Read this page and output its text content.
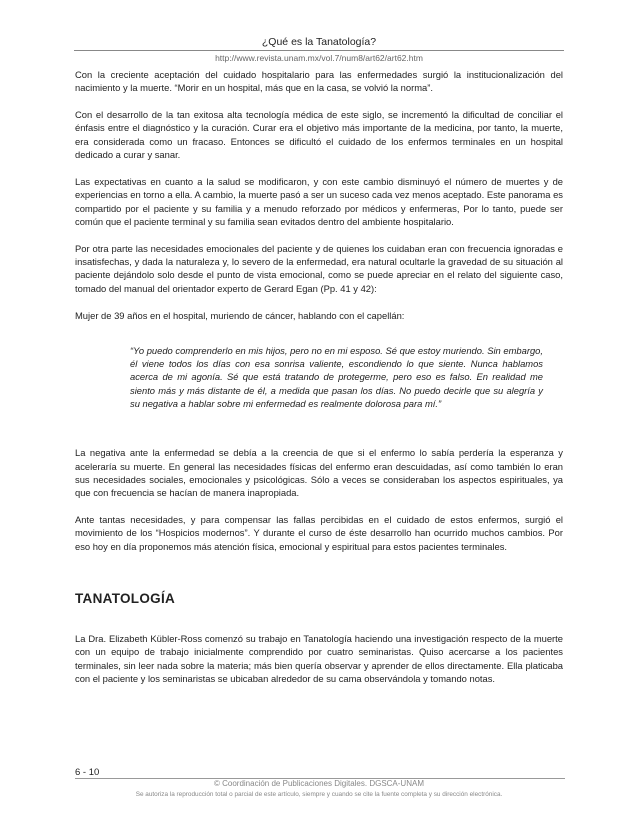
¿Qué es la Tanatología?
http://www.revista.unam.mx/vol.7/num8/art62/art62.htm

Con la creciente aceptación del cuidado hospitalario para las enfermedades surgió la institucionalización del nacimiento y la muerte. “Morir en un hospital, más que en la casa, se volvió la norma”.

Con el desarrollo de la tan exitosa alta tecnología médica de este siglo, se incrementó la dificultad de conciliar el énfasis entre el diagnóstico y la curación. Curar era el objetivo más importante de la medicina, por tanto, la muerte, era considerada como un fracaso. Entonces se dificultó el cuidado de los enfermos terminales en un hospital dedicado a curar y sanar.

Las expectativas en cuanto a la salud se modificaron, y con este cambio disminuyó el número de muertes y de experiencias en torno a ella. A cambio, la muerte pasó a ser un suceso cada vez menos aceptado. Este panorama es compartido por el paciente y su familia y a menudo reforzado por médicos y enfermeras, Por lo tanto, puede ser común que el paciente terminal y su familia sean evitados dentro del ambiente hospitalario.

Por otra parte las necesidades emocionales del paciente y de quienes los cuidaban eran con frecuencia ignoradas e insatisfechas, y dada la naturaleza y, lo severo de la enfermedad, era natural ocultarle la gravedad de su situación al paciente dejándolo solo desde el punto de vista emocional, como se puede apreciar en el relato del siguiente caso, tomado del manual del orientador experto de Gerard Egan (Pp. 41 y 42):

Mujer de 39 años en el hospital, muriendo de cáncer, hablando con el capellán:

“Yo puedo comprenderlo en mis hijos, pero no en mi esposo. Sé que estoy muriendo. Sin embargo, él viene todos los días con esa sonrisa valiente, escondiendo lo que siente. Nunca hablamos acerca de mi agonía. Sé que está tratando de protegerme, pero eso es falso. En realidad me siento más y más distante de él, a medida que pasan los días. No puedo decirle que su alegría y su negativa a hablar sobre mi enfermedad es realmente dolorosa para mí.”

La negativa ante la enfermedad se debía a la creencia de que si el enfermo lo sabía perdería la esperanza y aceleraría su muerte. En general las necesidades físicas del enfermo eran descuidadas, así como también lo eran sus necesidades sociales, emocionales y psicológicas. Sólo a veces se consideraban los aspectos espirituales, ya que con frecuencia se hacían de manera inapropiada.

Ante tantas necesidades, y para compensar las fallas percibidas en el cuidado de estos enfermos, surgió el movimiento de los “Hospicios modernos”. Y durante el curso de éste desarrollo han ocurrido muchos cambios. Por eso hoy en día proponemos más atención física, emocional y espiritual para estos pacientes terminales.

TANATOLOGÍA

La Dra. Elizabeth Kübler-Ross comenzó su trabajo en Tanatología haciendo una investigación respecto de la muerte con un equipo de trabajo inicialmente comprendido por cuatro seminaristas. Quiso acercarse a los pacientes terminales, sin leer nada sobre la materia; más bien quería observar y aprender de ellos directamente. Ella platicaba con el paciente y los seminaristas se ubicaban alrededor de su cama observándola y tomando notas.

6 - 10
© Coordinación de Publicaciones Digitales. DGSCA-UNAM
Se autoriza la reproducción total o parcial de este artículo, siempre y cuando se cite la fuente completa y su dirección electrónica.
